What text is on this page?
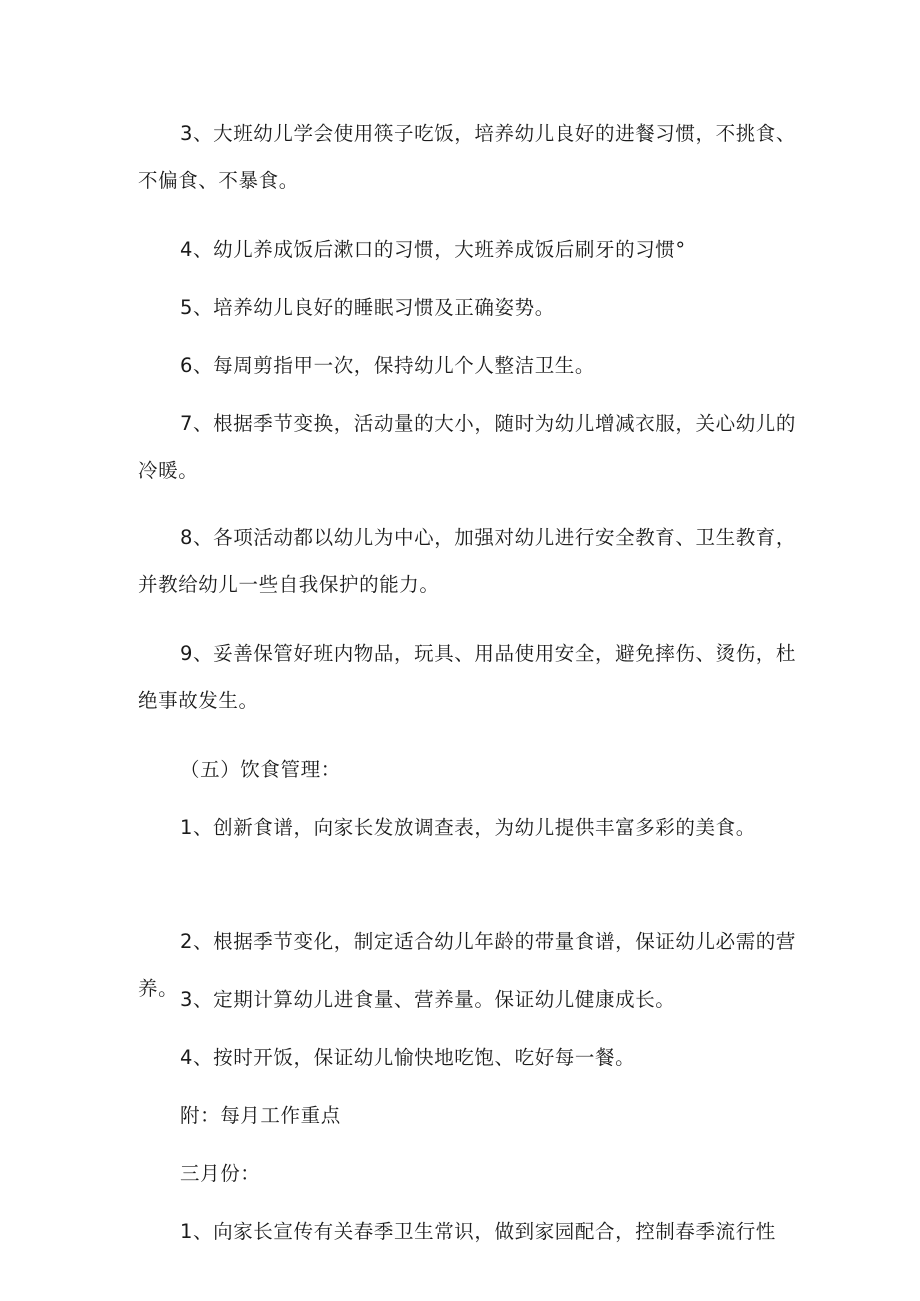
3、大班幼儿学会使用筷子吃饭，培养幼儿良好的进餐习惯，不挑食、不偏食、不暴食。

4、幼儿养成饭后漱口的习惯，大班养成饭后刷牙的习惯°

5、培养幼儿良好的睡眠习惯及正确姿势。

6、每周剪指甲一次，保持幼儿个人整洁卫生。

7、根据季节变换，活动量的大小，随时为幼儿增减衣服，关心幼儿的冷暖。

8、各项活动都以幼儿为中心，加强对幼儿进行安全教育、卫生教育，并教给幼儿一些自我保护的能力。

9、妥善保管好班内物品，玩具、用品使用安全，避免摔伤、烫伤，杜绝事故发生。

（五）饮食管理：

1、创新食谱，向家长发放调查表，为幼儿提供丰富多彩的美食。

2、根据季节变化，制定适合幼儿年龄的带量食谱，保证幼儿必需的营养。 3、定期计算幼儿进食量、营养量。保证幼儿健康成长。

4、按时开饭，保证幼儿愉快地吃饱、吃好每一餐。

附：每月工作重点

三月份：

1、向家长宣传有关春季卫生常识，做到家园配合，控制春季流行性
